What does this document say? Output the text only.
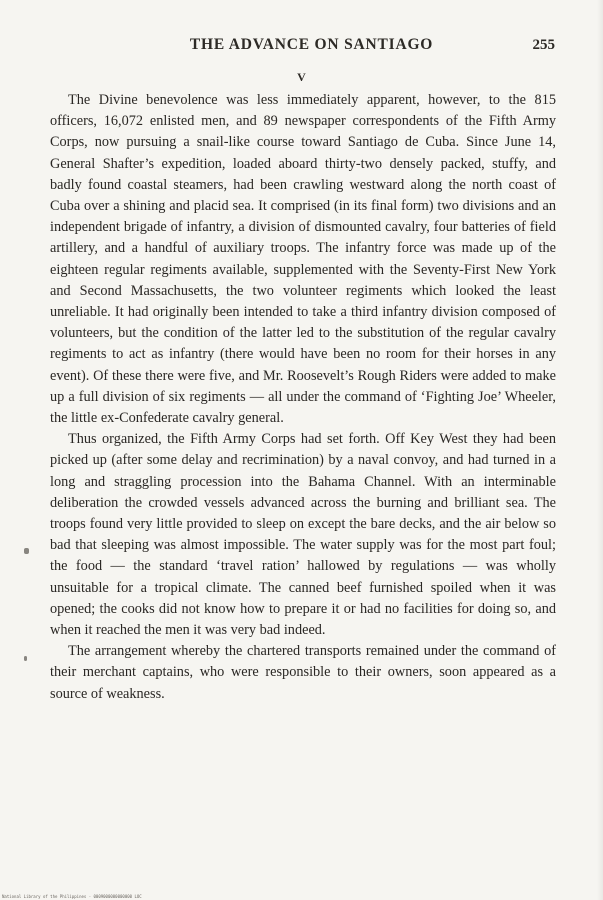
THE ADVANCE ON SANTIAGO	255
V

The Divine benevolence was less immediately apparent, however, to the 815 officers, 16,072 enlisted men, and 89 newspaper correspondents of the Fifth Army Corps, now pursuing a snail-like course toward Santiago de Cuba. Since June 14, General Shafter’s expedition, loaded aboard thirty-two densely packed, stuffy, and badly found coastal steamers, had been crawling westward along the north coast of Cuba over a shining and placid sea. It comprised (in its final form) two divisions and an independent brigade of infantry, a division of dismounted cavalry, four batteries of field artillery, and a handful of auxiliary troops. The infantry force was made up of the eighteen regular regiments available, supplemented with the Seventy-First New York and Second Massachusetts, the two volunteer regiments which looked the least unreliable. It had originally been intended to take a third infantry division composed of volunteers, but the condition of the latter led to the substitution of the regular cavalry regiments to act as infantry (there would have been no room for their horses in any event). Of these there were five, and Mr. Roosevelt’s Rough Riders were added to make up a full division of six regiments — all under the command of ‘Fighting Joe’ Wheeler, the little ex-Confederate cavalry general.

Thus organized, the Fifth Army Corps had set forth. Off Key West they had been picked up (after some delay and recrimination) by a naval convoy, and had turned in a long and straggling procession into the Bahama Channel. With an interminable deliberation the crowded vessels advanced across the burning and brilliant sea. The troops found very little provided to sleep on except the bare decks, and the air below so bad that sleeping was almost impossible. The water supply was for the most part foul; the food — the standard ‘travel ration’ hallowed by regulations — was wholly unsuitable for a tropical climate. The canned beef furnished spoiled when it was opened; the cooks did not know how to prepare it or had no facilities for doing so, and when it reached the men it was very bad indeed.

The arrangement whereby the chartered transports remained under the command of their merchant captains, who were responsible to their owners, soon appeared as a source of weakness.

National Library of the Philippines · 0009000000000000 LOC
